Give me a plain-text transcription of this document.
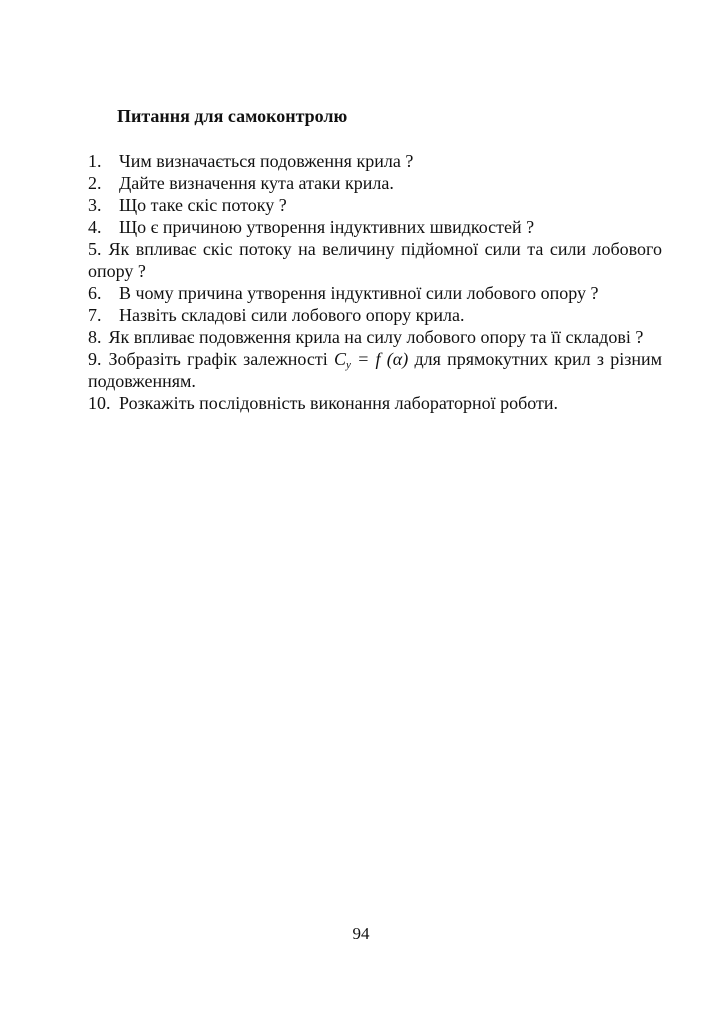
Питання для самоконтролю
1. Чим визначається подовження крила ?
2. Дайте визначення кута атаки крила.
3. Що таке скіс потоку ?
4. Що є причиною утворення індуктивних швидкостей ?
5. Як впливає скіс потоку на величину підйомної сили та сили лобового опору ?
6. В чому причина утворення індуктивної сили лобового опору ?
7. Назвіть складові сили лобового опору крила.
8. Як впливає подовження крила на силу лобового опору та її складові ?
9. Зобразіть графік залежності $C_y = f$ (α) для прямокутних крил з різним подовженням.
10. Розкажіть послідовність виконання лабораторної роботи.
94
